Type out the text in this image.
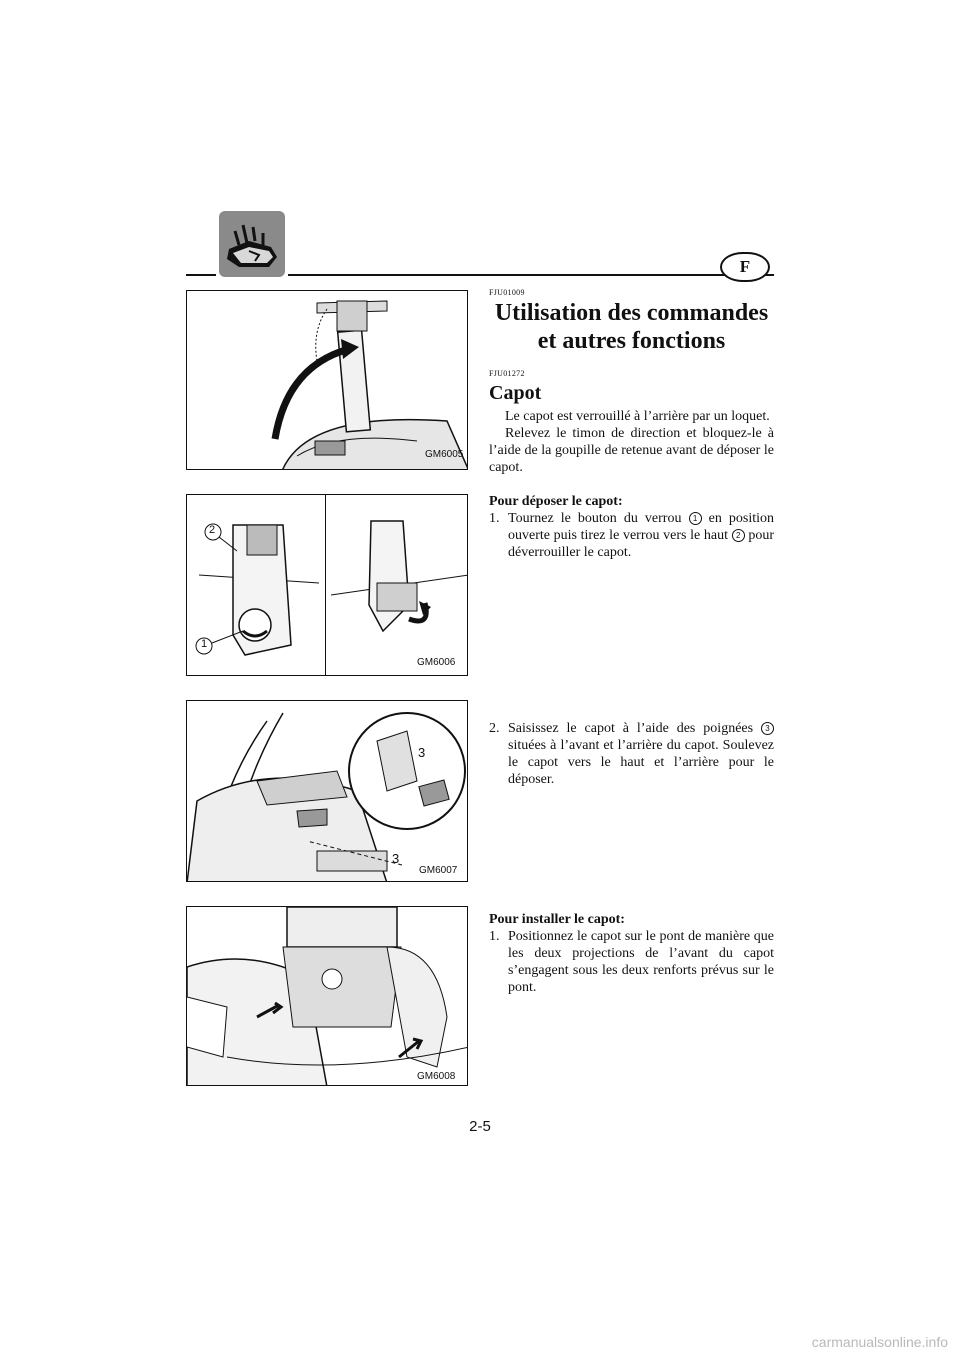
F
GM6005
2
1
GM6006
3
3
GM6007
GM6008
FJU01009
Utilisation des commandes et autres fonctions
FJU01272
Capot

Le capot est verrouillé à l’arrière par un loquet.

Relevez le timon de direction et bloquez-le à l’aide de la goupille de retenue avant de déposer le capot.

Pour déposer le capot:
1. Tournez le bouton du verrou 1 en position ouverte puis tirez le verrou vers le haut 2 pour déverrouiller le capot.
2. Saisissez le capot à l’aide des poignées 3 situées à l’avant et l’arrière du capot. Soulevez le capot vers le haut et l’arrière pour le déposer.
Pour installer le capot:
1. Positionnez le capot sur le pont de manière que les deux projections de l’avant du capot s’engagent sous les deux renforts prévus sur le pont.
2-5
carmanualsonline.info
